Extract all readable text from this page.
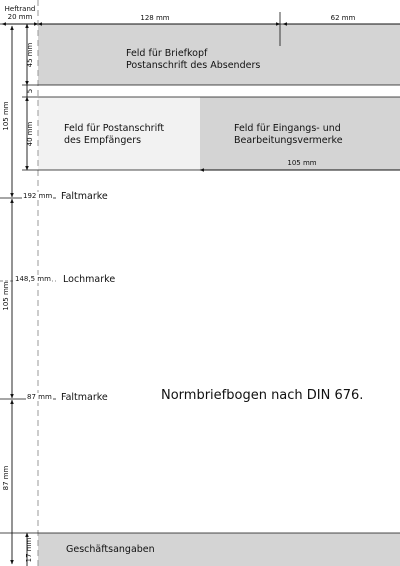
Heftrand
20 mm	128 mm	62 mm
Feld für Briefkopf
Postanschrift des Absenders
Feld für Postanschrift
des Empfängers
Feld für Eingangs- und
Bearbeitungsvermerke
105 mm
45 mm
5
40 mm
105 mm
105 mm
87 mm
17 mm
192 mm Faltmarke
148,5 mm Lochmarke
87 mm Faltmarke	Normbriefbogen nach DIN 676.
Geschäftsangaben
